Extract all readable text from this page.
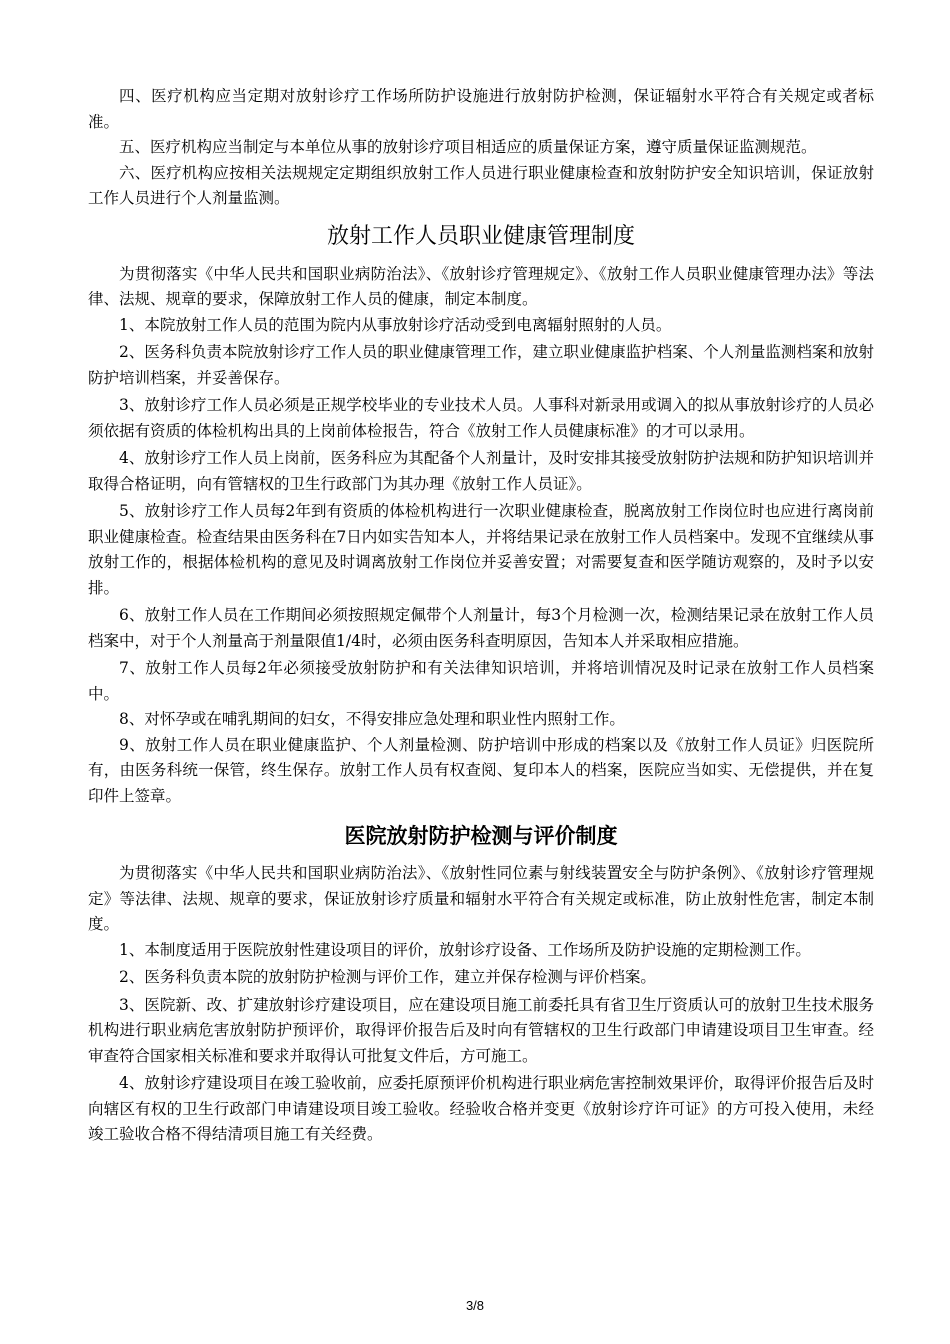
四、医疗机构应当定期对放射诊疗工作场所防护设施进行放射防护检测，保证辐射水平符合有关规定或者标准。

五、医疗机构应当制定与本单位从事的放射诊疗项目相适应的质量保证方案，遵守质量保证监测规范。

六、医疗机构应按相关法规规定定期组织放射工作人员进行职业健康检查和放射防护安全知识培训，保证放射工作人员进行个人剂量监测。

放射工作人员职业健康管理制度

为贯彻落实《中华人民共和国职业病防治法》、《放射诊疗管理规定》、《放射工作人员职业健康管理办法》等法律、法规、规章的要求，保障放射工作人员的健康，制定本制度。

1、本院放射工作人员的范围为院内从事放射诊疗活动受到电离辐射照射的人员。

2、医务科负责本院放射诊疗工作人员的职业健康管理工作，建立职业健康监护档案、个人剂量监测档案和放射防护培训档案，并妥善保存。

3、放射诊疗工作人员必须是正规学校毕业的专业技术人员。人事科对新录用或调入的拟从事放射诊疗的人员必须依据有资质的体检机构出具的上岗前体检报告，符合《放射工作人员健康标准》的才可以录用。

4、放射诊疗工作人员上岗前，医务科应为其配备个人剂量计，及时安排其接受放射防护法规和防护知识培训并取得合格证明，向有管辖权的卫生行政部门为其办理《放射工作人员证》。

5、放射诊疗工作人员每2年到有资质的体检机构进行一次职业健康检查，脱离放射工作岗位时也应进行离岗前职业健康检查。检查结果由医务科在7日内如实告知本人，并将结果记录在放射工作人员档案中。发现不宜继续从事放射工作的，根据体检机构的意见及时调离放射工作岗位并妥善安置；对需要复查和医学随访观察的，及时予以安排。

6、放射工作人员在工作期间必须按照规定佩带个人剂量计，每3个月检测一次，检测结果记录在放射工作人员档案中，对于个人剂量高于剂量限值1/4时，必须由医务科查明原因，告知本人并采取相应措施。

7、放射工作人员每2年必须接受放射防护和有关法律知识培训，并将培训情况及时记录在放射工作人员档案中。

8、对怀孕或在哺乳期间的妇女，不得安排应急处理和职业性内照射工作。

9、放射工作人员在职业健康监护、个人剂量检测、防护培训中形成的档案以及《放射工作人员证》归医院所有，由医务科统一保管，终生保存。放射工作人员有权查阅、复印本人的档案，医院应当如实、无偿提供，并在复印件上签章。

医院放射防护检测与评价制度

为贯彻落实《中华人民共和国职业病防治法》、《放射性同位素与射线装置安全与防护条例》、《放射诊疗管理规定》等法律、法规、规章的要求，保证放射诊疗质量和辐射水平符合有关规定或标准，防止放射性危害，制定本制度。

1、本制度适用于医院放射性建设项目的评价，放射诊疗设备、工作场所及防护设施的定期检测工作。

2、医务科负责本院的放射防护检测与评价工作，建立并保存检测与评价档案。

3、医院新、改、扩建放射诊疗建设项目，应在建设项目施工前委托具有省卫生厅资质认可的放射卫生技术服务机构进行职业病危害放射防护预评价，取得评价报告后及时向有管辖权的卫生行政部门申请建设项目卫生审查。经审查符合国家相关标准和要求并取得认可批复文件后，方可施工。

4、放射诊疗建设项目在竣工验收前，应委托原预评价机构进行职业病危害控制效果评价，取得评价报告后及时向辖区有权的卫生行政部门申请建设项目竣工验收。经验收合格并变更《放射诊疗许可证》的方可投入使用，未经竣工验收合格不得结清项目施工有关经费。

3/8
